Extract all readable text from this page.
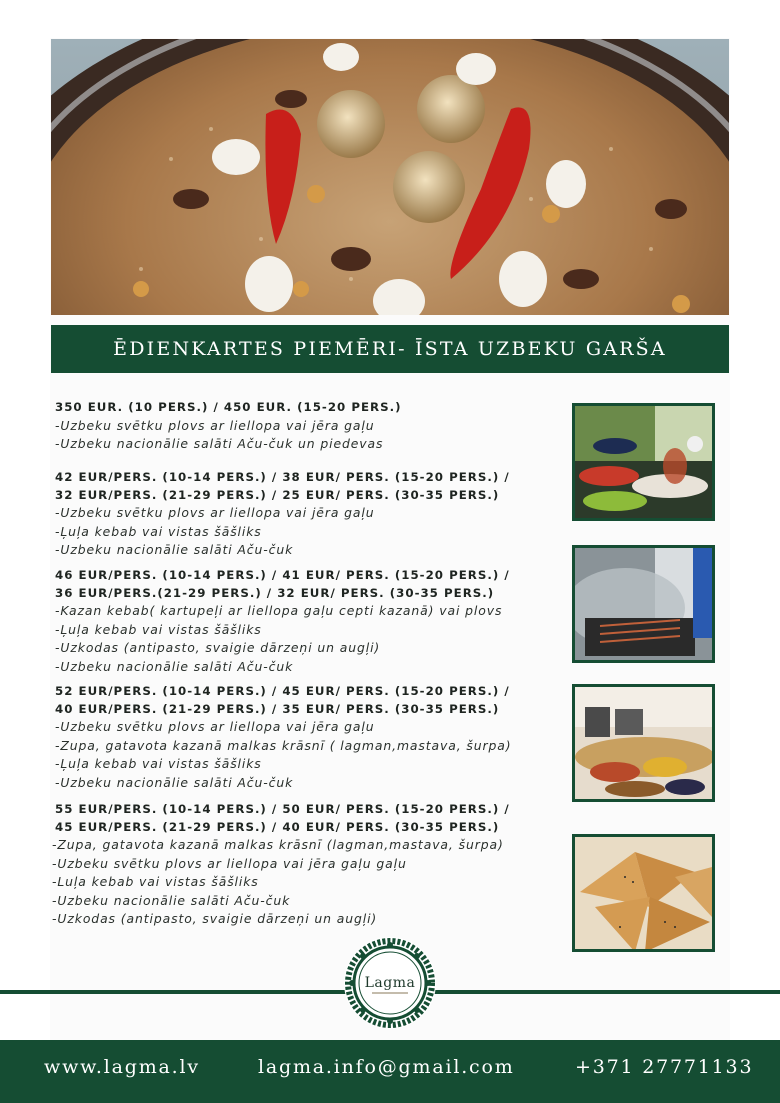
ĒDIENKARTES PIEMĒRI- ĪSTA UZBEKU GARŠA
350 EUR. (10 PERS.) / 450 EUR. (15-20 PERS.)
-Uzbeku svētku plovs ar liellopa vai jēra gaļu
-Uzbeku nacionālie salāti Aču-čuk un piedevas
42 EUR/PERS. (10-14 PERS.) / 38 EUR/ PERS. (15-20 PERS.) /
32 EUR/PERS. (21-29 PERS.) / 25 EUR/ PERS. (30-35 PERS.)
-Uzbeku svētku plovs ar liellopa vai jēra gaļu
-Ļuļa kebab vai vistas šāšliks
-Uzbeku nacionālie salāti Aču-čuk
46 EUR/PERS. (10-14 PERS.) / 41 EUR/ PERS. (15-20 PERS.) /
36 EUR/PERS.(21-29 PERS.) / 32 EUR/ PERS. (30-35 PERS.)
-Kazan kebab( kartupeļi ar liellopa gaļu cepti kazanā) vai plovs
-Ļuļa kebab vai vistas šāšliks
-Uzkodas (antipasto, svaigie dārzeņi un augļi)
-Uzbeku nacionālie salāti Aču-čuk
52 EUR/PERS. (10-14 PERS.) / 45 EUR/ PERS. (15-20 PERS.) /
40 EUR/PERS. (21-29 PERS.) / 35 EUR/ PERS. (30-35 PERS.)
-Uzbeku svētku plovs ar liellopa vai jēra gaļu
-Zupa, gatavota kazanā malkas krāsnī ( lagman,mastava, šurpa)
-Ļuļa kebab vai vistas šāšliks
-Uzbeku nacionālie salāti Aču-čuk
55 EUR/PERS. (10-14 PERS.) / 50 EUR/ PERS. (15-20 PERS.) /
45 EUR/PERS. (21-29 PERS.) / 40 EUR/ PERS. (30-35 PERS.)
-Zupa, gatavota kazanā malkas krāsnī (lagman,mastava, šurpa)
-Uzbeku svētku plovs ar liellopa vai jēra gaļu gaļu
-Luļa kebab vai vistas šāšliks
-Uzbeku nacionālie salāti Aču-čuk
-Uzkodas (antipasto, svaigie dārzeņi un augļi)
Lagma
www.lagma.lv	lagma.info@gmail.com	+371 27771133
